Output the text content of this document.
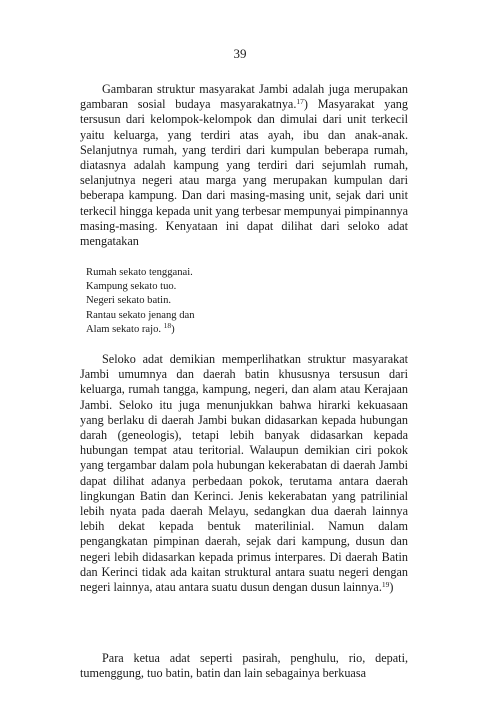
39

Gambaran struktur masyarakat Jambi adalah juga merupakan gambaran sosial budaya masyarakatnya.$^{17}$) Masyarakat yang tersusun dari kelompok-kelompok dan dimulai dari unit terkecil yaitu keluarga, yang terdiri atas ayah, ibu dan anak-anak. Selanjutnya rumah, yang terdiri dari kumpulan beberapa rumah, diatasnya adalah kampung yang terdiri dari sejumlah rumah, selanjutnya negeri atau marga yang merupakan kumpulan dari beberapa kampung. Dan dari masing-masing unit, sejak dari unit terkecil hingga kepada unit yang terbesar mempunyai pimpinannya masing-masing. Kenyataan ini dapat dilihat dari seloko adat mengatakan

Rumah sekato tengganai.
Kampung sekato tuo.
Negeri sekato batin.
Rantau sekato jenang dan
Alam sekato rajo. $^{18}$)

Seloko adat demikian memperlihatkan struktur masyarakat Jambi umumnya dan daerah batin khususnya tersusun dari keluarga, rumah tangga, kampung, negeri, dan alam atau Kerajaan Jambi. Seloko itu juga menunjukkan bahwa hirarki kekuasaan yang berlaku di daerah Jambi bukan didasarkan kepada hubungan darah (geneologis), tetapi lebih banyak didasarkan kepada hubungan tempat atau teritorial. Walaupun demikian ciri pokok yang tergambar dalam pola hubungan kekerabatan di daerah Jambi dapat dilihat adanya perbedaan pokok, terutama antara daerah lingkungan Batin dan Kerinci. Jenis kekerabatan yang patrilinial lebih nyata pada daerah Melayu, sedangkan dua daerah lainnya lebih dekat kepada bentuk materilinial. Namun dalam pengangkatan pimpinan daerah, sejak dari kampung, dusun dan negeri lebih didasarkan kepada primus interpares. Di daerah Batin dan Kerinci tidak ada kaitan struktural antara suatu negeri dengan negeri lainnya, atau antara suatu dusun dengan dusun lainnya.$^{19}$)

Para ketua adat seperti pasirah, penghulu, rio, depati, tumenggung, tuo batin, batin dan lain sebagainya berkuasa
